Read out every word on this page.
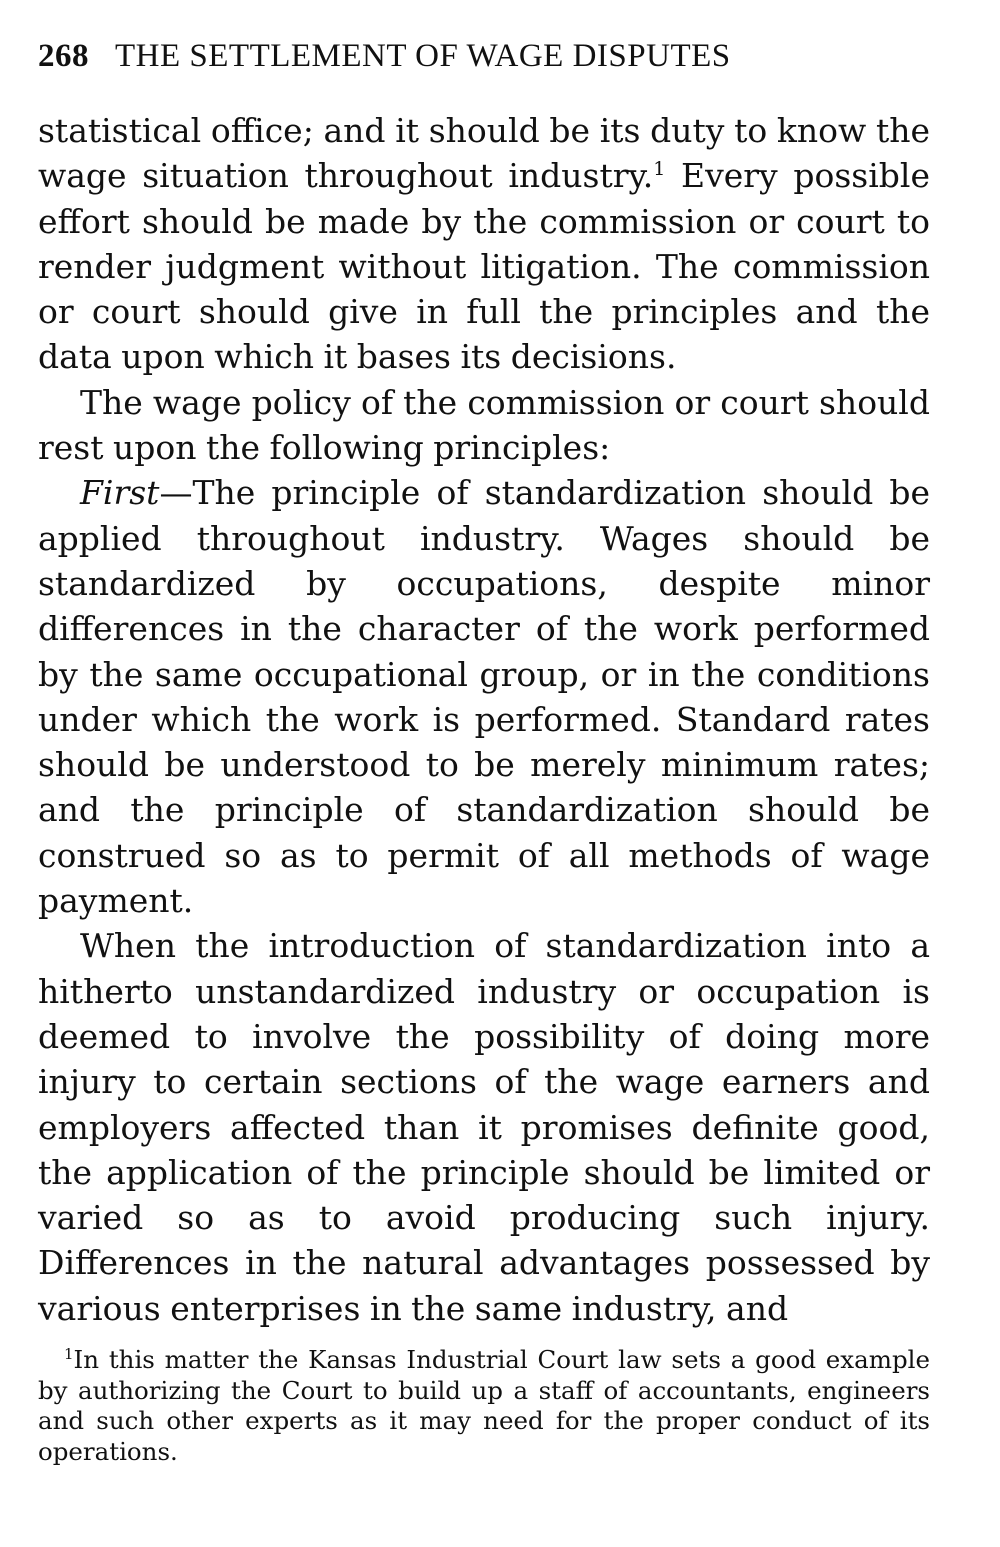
268 THE SETTLEMENT OF WAGE DISPUTES

statistical office; and it should be its duty to know the wage situation throughout industry.$^1$ Every possible effort should be made by the commission or court to render judgment without litigation. The commission or court should give in full the principles and the data upon which it bases its decisions.

The wage policy of the commission or court should rest upon the following principles:

First—The principle of standardization should be applied throughout industry. Wages should be standardized by occupations, despite minor differences in the character of the work performed by the same occupational group, or in the conditions under which the work is performed. Standard rates should be understood to be merely minimum rates; and the principle of standardization should be construed so as to permit of all methods of wage payment.

When the introduction of standardization into a hitherto unstandardized industry or occupation is deemed to involve the possibility of doing more injury to certain sections of the wage earners and employers affected than it promises definite good, the application of the principle should be limited or varied so as to avoid producing such injury. Differences in the natural advantages possessed by various enterprises in the same industry, and

$^1$In this matter the Kansas Industrial Court law sets a good example by authorizing the Court to build up a staff of accountants, engineers and such other experts as it may need for the proper conduct of its operations.
